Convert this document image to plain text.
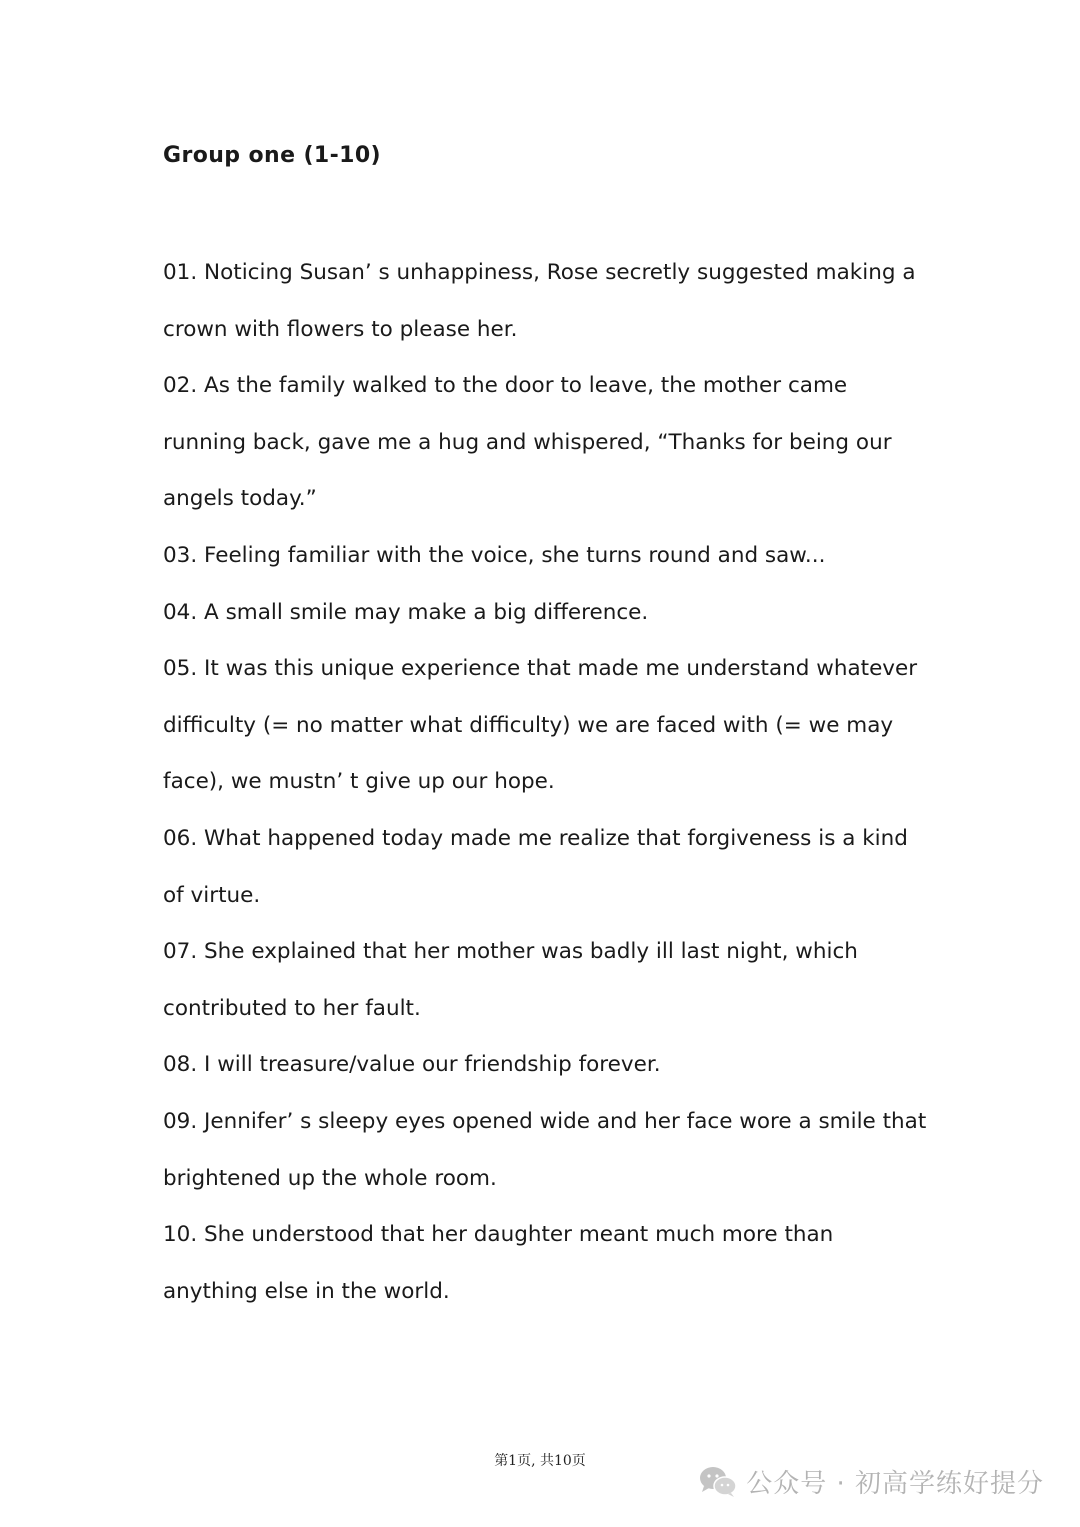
Group one (1-10)

01. Noticing Susan’ s unhappiness, Rose secretly suggested making a crown with flowers to please her.

02. As the family walked to the door to leave, the mother came running back, gave me a hug and whispered, “Thanks for being our angels today.”

03. Feeling familiar with the voice, she turns round and saw...

04. A small smile may make a big difference.

05. It was this unique experience that made me understand whatever difficulty (= no matter what difficulty) we are faced with (= we may face), we mustn’ t give up our hope.

06. What happened today made me realize that forgiveness is a kind of virtue.

07. She explained that her mother was badly ill last night, which contributed to her fault.

08. I will treasure/value our friendship forever.

09. Jennifer’ s sleepy eyes opened wide and her face wore a smile that brightened up the whole room.

10. She understood that her daughter meant much more than anything else in the world.

第1页, 共10页
公众号 · 初高学练好提分
